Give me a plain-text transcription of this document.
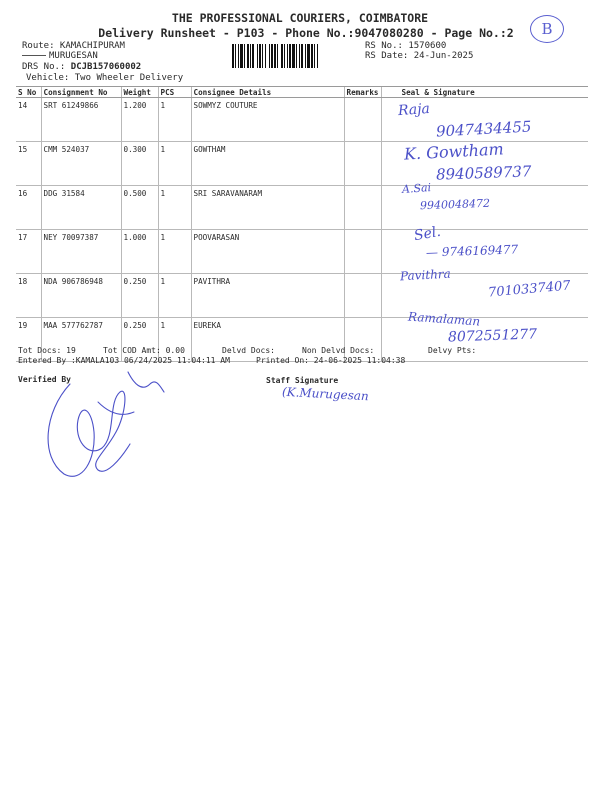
THE PROFESSIONAL COURIERS, COIMBATORE
Delivery Runsheet - P103 - Phone No.:9047080280 - Page No.:2	B
Route: KAMACHIPURAM
MURUGESAN
DRS No.: DCJB157060002
Vehicle: Two Wheeler Delivery
RS No.: 1570600
RS Date: 24-Jun-2025
S No	Consignment No	Weight	PCS	Consignee Details	Remarks	Seal & Signature
14	SRT 61249866	1.200	1	SOWMYZ COUTURE		
15	CMM 524037	0.300	1	GOWTHAM		
16	DDG 31584	0.500	1	SRI SARAVANARAM		
17	NEY 70097387	1.000	1	POOVARASAN		
18	NDA 906786948	0.250	1	PAVITHRA		
19	MAA 577762787	0.250	1	EUREKA		
Raja
9047434455
K. Gowtham
8940589737
A.Sai
9940048472
Sel.
— 9746169477
Pavithra
7010337407
Ramalaman
8072551277
Tot Docs: 19	Tot COD Amt: 0.00	Delvd Docs:	Non Delvd Docs:	Delvy Pts:
Entered By :KAMALA103 06/24/2025 11:04:11 AM	Printed On: 24-06-2025 11:04:38
Verified By	Staff Signature
(K.Murugesan
